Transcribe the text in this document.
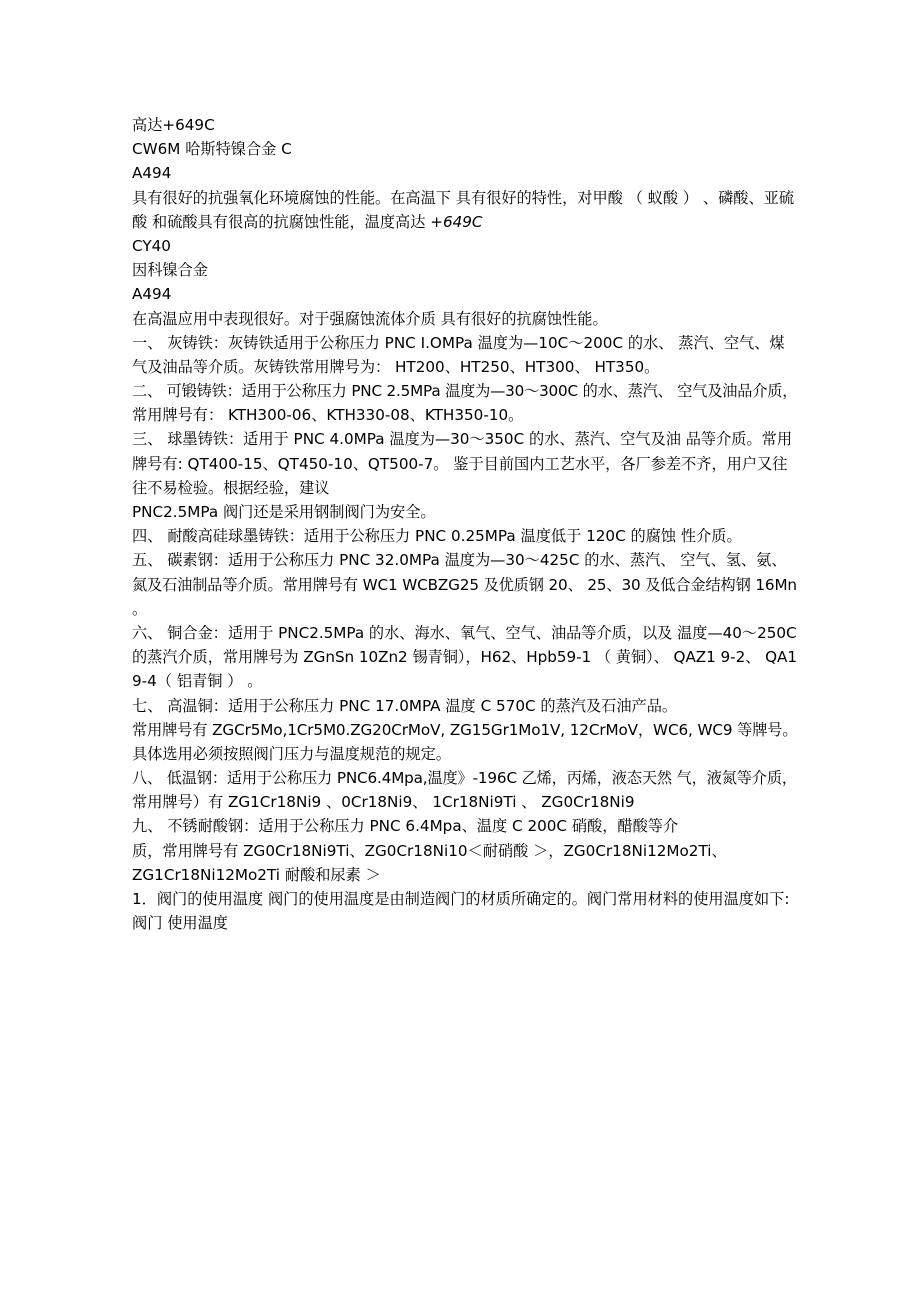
高达+649C
CW6M 哈斯特镍合金 C
A494
具有很好的抗强氧化环境腐蚀的性能。在高温下 具有很好的特性，对甲酸 （ 蚁酸 ） 、磷酸、亚硫
酸 和硫酸具有很高的抗腐蚀性能，温度高达 +649C
CY40
因科镍合金
A494
在高温应用中表现很好。对于强腐蚀流体介质 具有很好的抗腐蚀性能。
一、 灰铸铁：灰铸铁适用于公称压力 PNC I.OMPa 温度为—10C〜200C 的水、 蒸汽、空气、煤
气及油品等介质。灰铸铁常用牌号为： HT200、HT250、HT300、 HT350。
二、 可锻铸铁：适用于公称压力 PNC 2.5MPa 温度为—30〜300C 的水、蒸汽、 空气及油品介质，
常用牌号有： KTH300-06、KTH330-08、KTH350-10。
三、 球墨铸铁：适用于 PNC 4.0MPa 温度为—30〜350C 的水、蒸汽、空气及油 品等介质。常用
牌号有: QT400-15、QT450-10、QT500-7。 鉴于目前国内工艺水平，各厂参差不齐，用户又往
往不易检验。根据经验，建议
PNC2.5MPa 阀门还是采用钢制阀门为安全。
四、 耐酸高硅球墨铸铁：适用于公称压力 PNC 0.25MPa 温度低于 120C 的腐蚀 性介质。
五、 碳素钢：适用于公称压力 PNC 32.0MPa 温度为—30〜425C 的水、蒸汽、 空气、氢、氨、
氮及石油制品等介质。常用牌号有 WC1 WCBZG25 及优质钢 20、 25、30 及低合金结构钢 16Mn
。
六、 铜合金：适用于 PNC2.5MPa 的水、海水、氧气、空气、油品等介质，以及 温度—40〜250C
的蒸汽介质，常用牌号为 ZGnSn 10Zn2 锡青铜），H62、Hpb59-1 （ 黄铜）、 QAZ1 9-2、 QA1
9-4（ 铝青铜 ） 。
七、 高温铜：适用于公称压力 PNC 17.0MPA 温度 C 570C 的蒸汽及石油产品。
常用牌号有 ZGCr5Mo,1Cr5M0.ZG20CrMoV, ZG15Gr1Mo1V, 12CrMoV，WC6, WC9 等牌号。
具体选用必须按照阀门压力与温度规范的规定。
八、 低温钢：适用于公称压力 PNC6.4Mpa,温度》-196C 乙烯，丙烯，液态天然 气，液氮等介质，
常用牌号）有 ZG1Cr18Ni9 、0Cr18Ni9、 1Cr18Ni9Ti 、 ZG0Cr18Ni9
九、 不锈耐酸钢：适用于公称压力 PNC 6.4Mpa、温度 C 200C 硝酸，醋酸等介
质，常用牌号有 ZG0Cr18Ni9Ti、ZG0Cr18Ni10＜耐硝酸 ＞，ZG0Cr18Ni12Mo2Ti、
ZG1Cr18Ni12Mo2Ti 耐酸和尿素 ＞
1．阀门的使用温度 阀门的使用温度是由制造阀门的材质所确定的。阀门常用材料的使用温度如下:
阀门 使用温度
